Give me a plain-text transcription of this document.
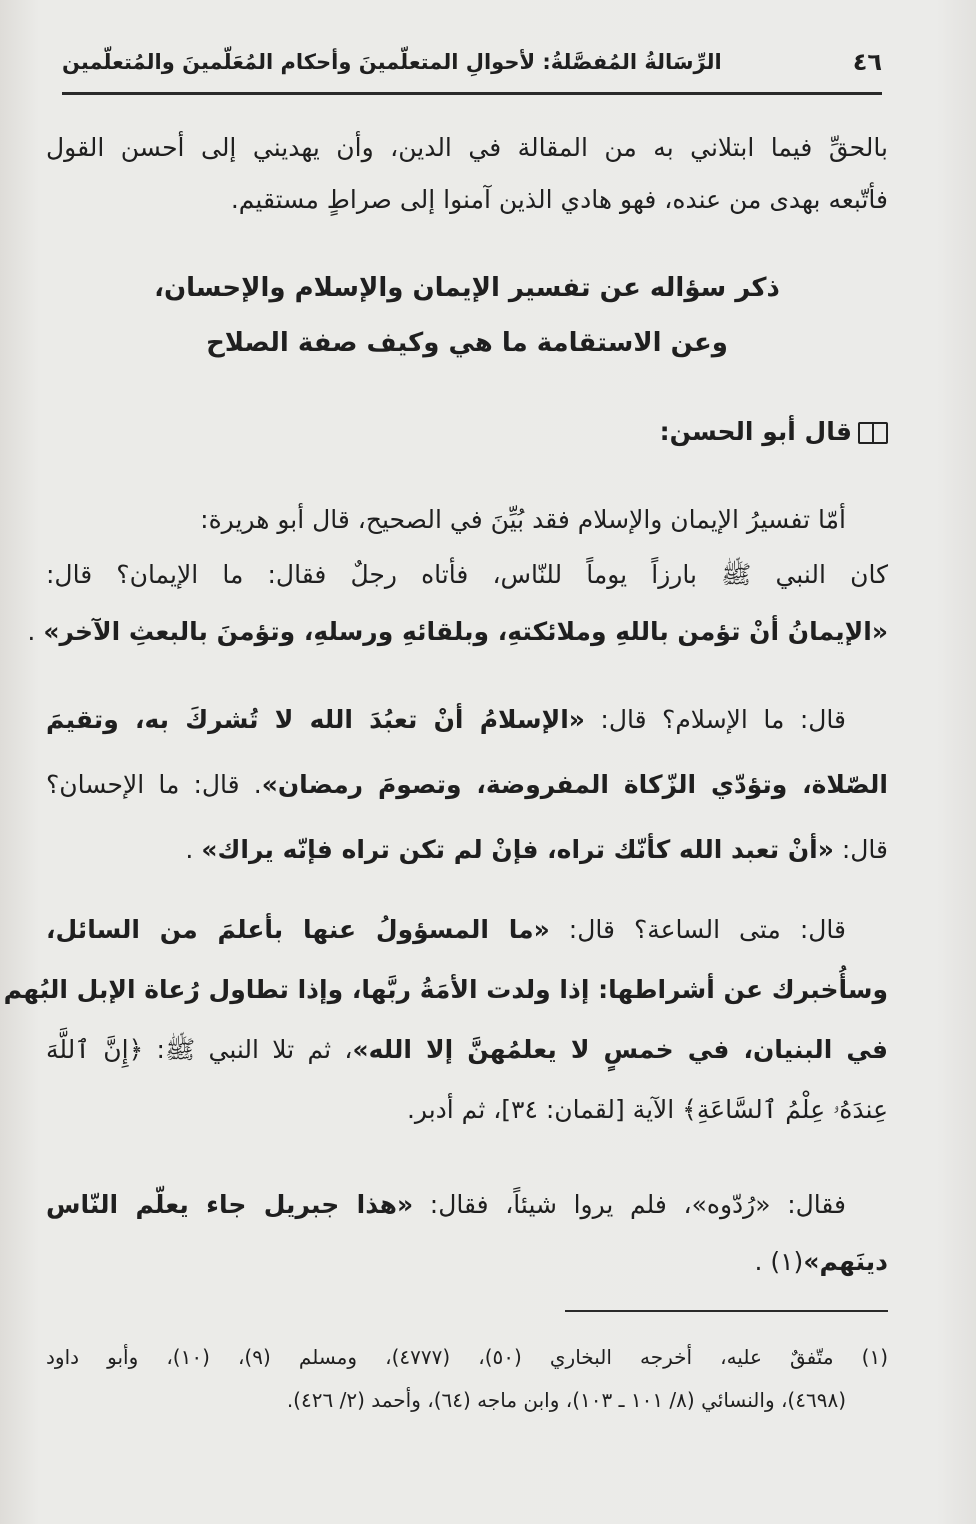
٤٦
الرِّسَالةُ المُفصَّلةُ: لأحوالِ المتعلّمينَ وأحكام المُعَلّمينَ والمُتعلّمين
بالحقِّ فيما ابتلاني به من المقالة في الدين، وأن يهديني إلى أحسن القول
فأتّبعه بهدى من عنده، فهو هادي الذين آمنوا إلى صراطٍ مستقيم.
ذكر سؤاله عن تفسير الإيمان والإسلام والإحسان،
وعن الاستقامة ما هي وكيف صفة الصلاح
قال أبو الحسن:
أمّا تفسيرُ الإيمان والإسلام فقد بُيِّنَ في الصحيح، قال أبو هريرة:
كان النبي ﷺ بارزاً يوماً للنّاس، فأتاه رجلٌ فقال: ما الإيمان؟ قال:
«الإيمانُ أنْ تؤمن باللهِ وملائكتهِ، وبلقائهِ ورسلهِ، وتؤمنَ بالبعثِ الآخر» .
قال: ما الإسلام؟ قال: «الإسلامُ أنْ تعبُدَ الله لا تُشركَ به، وتقيمَ
الصّلاة، وتؤدّي الزّكاة المفروضة، وتصومَ رمضان». قال: ما الإحسان؟
قال: «أنْ تعبد الله كأنّك تراه، فإنْ لم تكن تراه فإنّه يراك» .
قال: متى الساعة؟ قال: «ما المسؤولُ عنها بأعلمَ من السائل،
وسأُخبرك عن أشراطها: إذا ولدت الأمَةُ ربَّها، وإذا تطاول رُعاة الإبل البُهم
في البنيان، في خمسٍ لا يعلمُهنَّ إلا الله»، ثم تلا النبي ﷺ: ﴿إِنَّ ٱللَّهَ
عِندَهُۥ عِلْمُ ٱلسَّاعَةِ﴾ الآية [لقمان: ٣٤]، ثم أدبر.
فقال: «رُدّوه»، فلم يروا شيئاً، فقال: «هذا جبريل جاء يعلّم النّاس
دينَهم»(١) .
(١) متّفقٌ عليه، أخرجه البخاري (٥٠)، (٤٧٧٧)، ومسلم (٩)، (١٠)، وأبو داود
(٤٦٩٨)، والنسائي (٨/ ١٠١ ـ ١٠٣)، وابن ماجه (٦٤)، وأحمد (٢/ ٤٢٦).
